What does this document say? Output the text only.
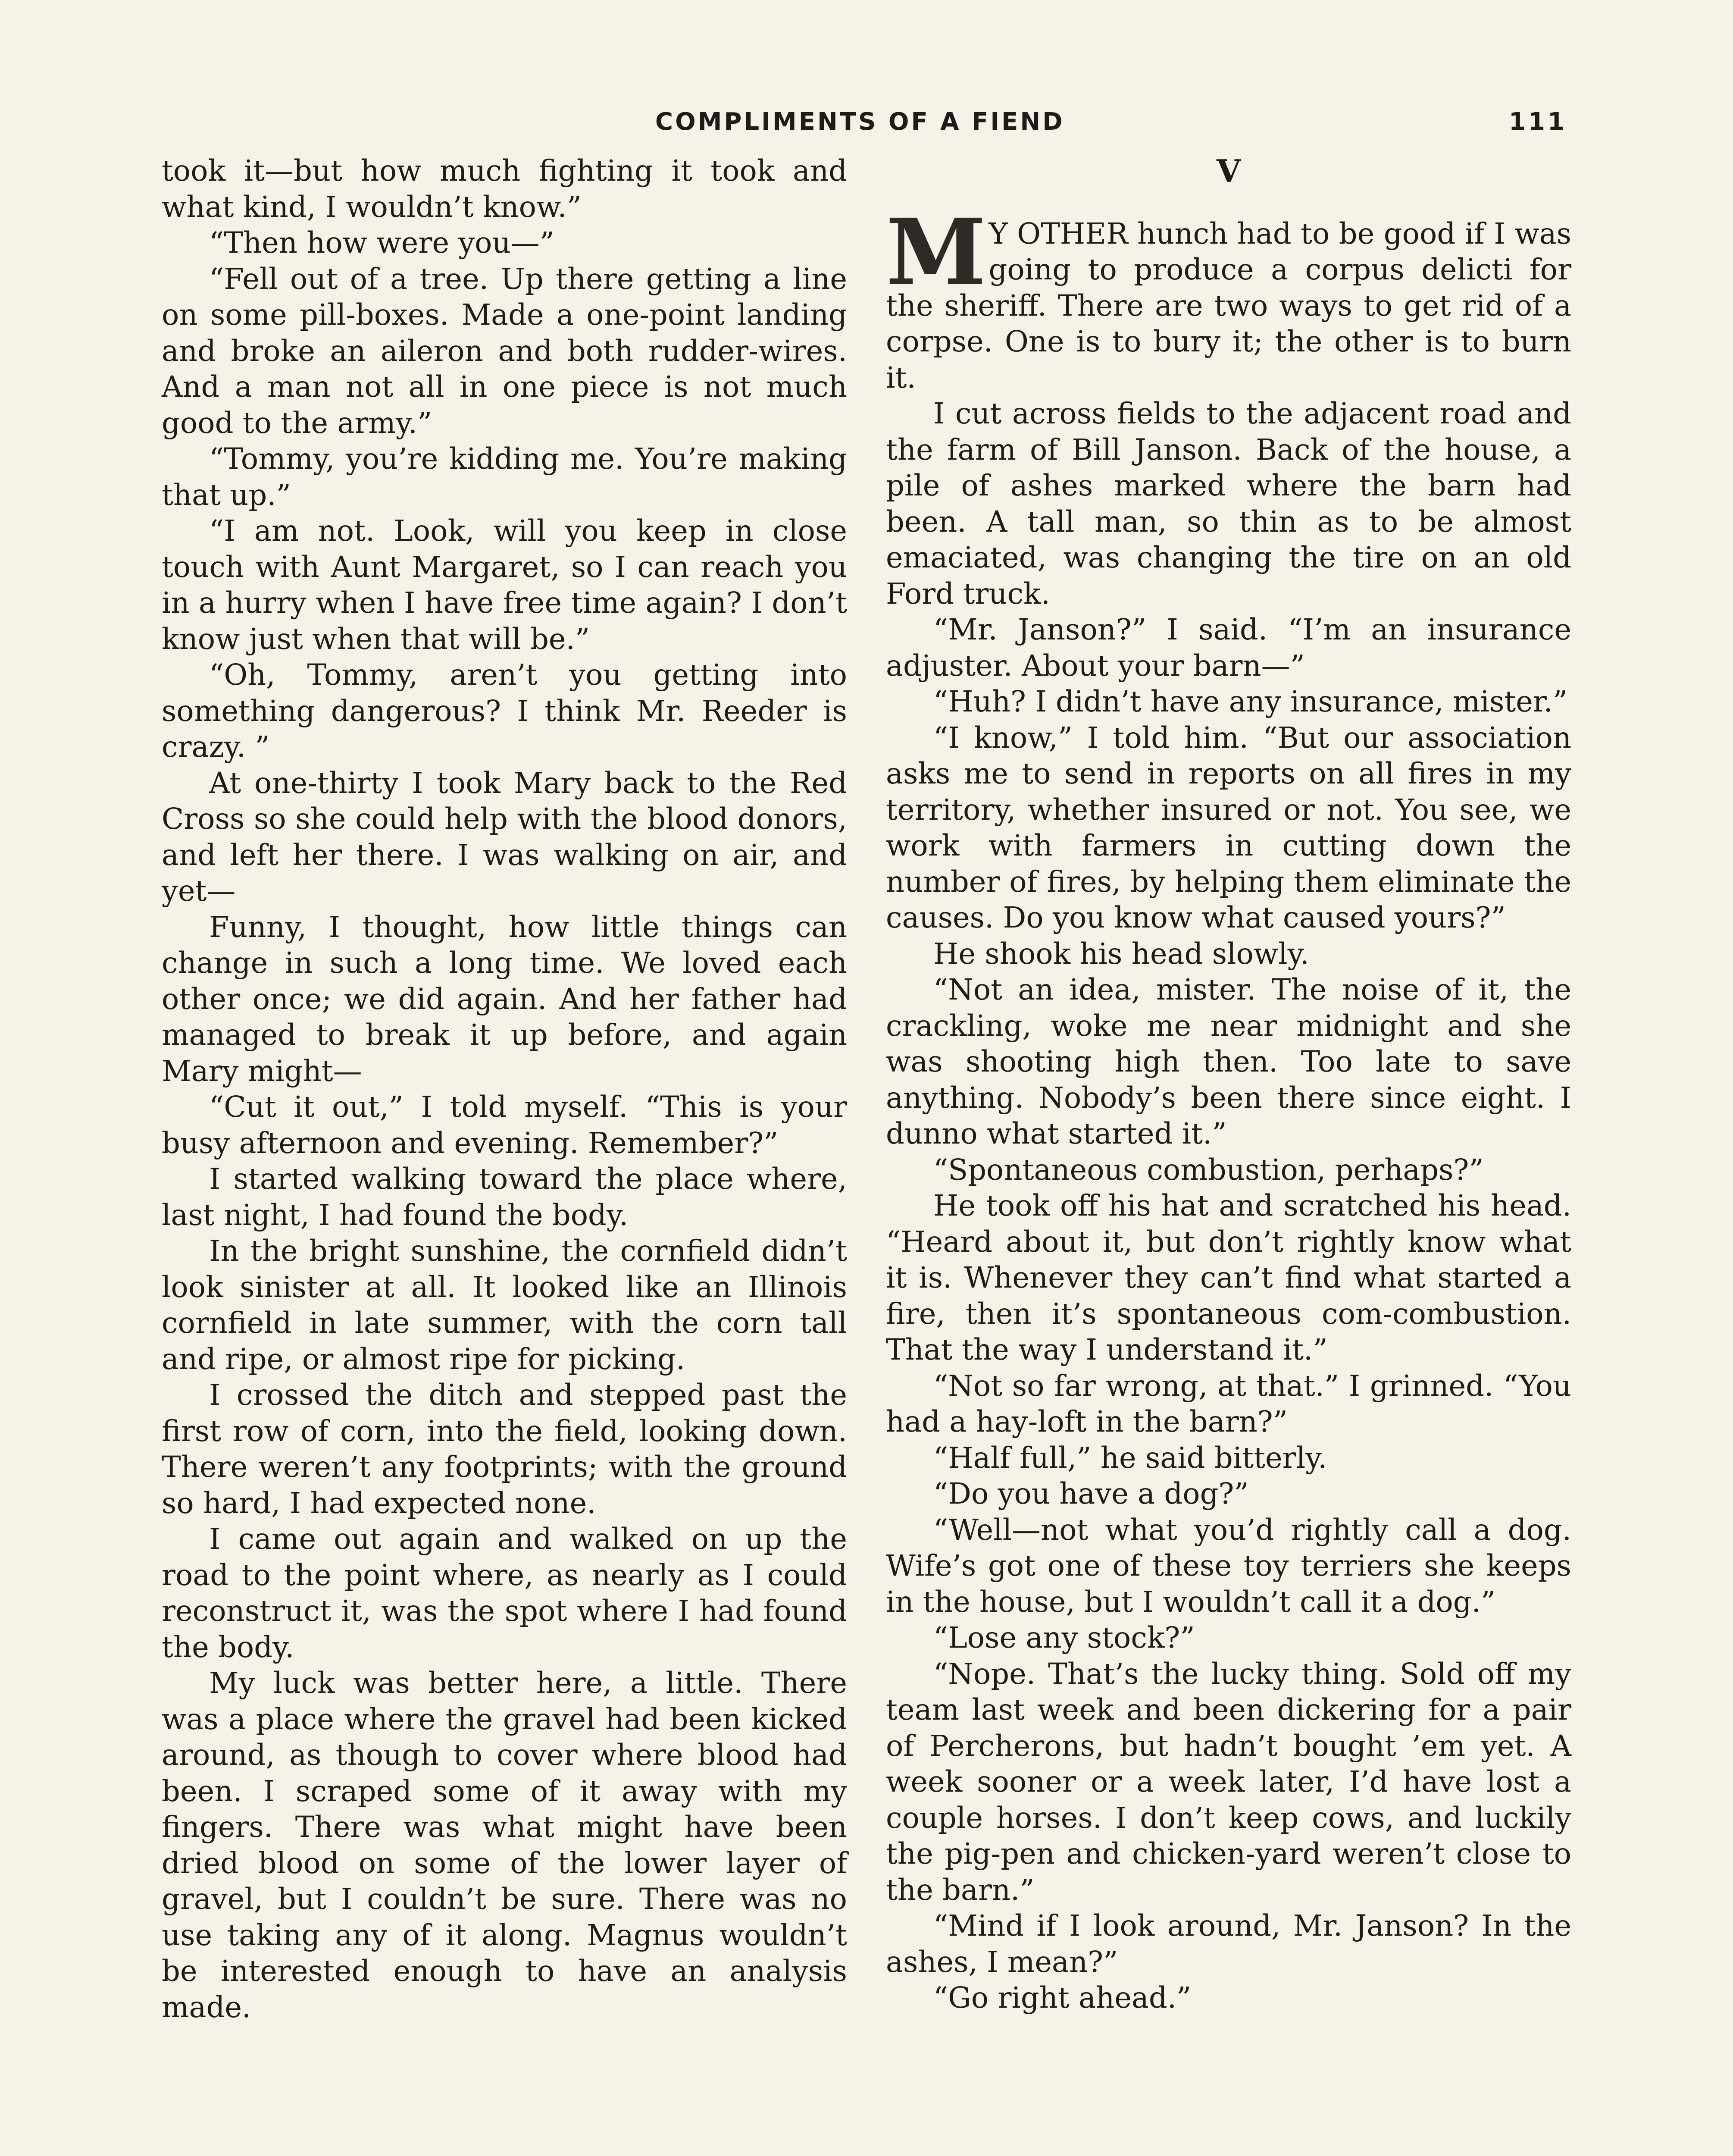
COMPLIMENTS OF A FIEND	111

took it—but how much fighting it took and what kind, I wouldn’t know.”

“Then how were you—”

“Fell out of a tree. Up there getting a line on some pill-boxes. Made a one-point landing and broke an aileron and both rudder-wires. And a man not all in one piece is not much good to the army.”

“Tommy, you’re kidding me. You’re making that up.”

“I am not. Look, will you keep in close touch with Aunt Margaret, so I can reach you in a hurry when I have free time again? I don’t know just when that will be.”

“Oh, Tommy, aren’t you getting into something dangerous? I think Mr. Reeder is crazy. ”

At one-thirty I took Mary back to the Red Cross so she could help with the blood donors, and left her there. I was walking on air, and yet—

Funny, I thought, how little things can change in such a long time. We loved each other once; we did again. And her father had managed to break it up before, and again Mary might—

“Cut it out,” I told myself. “This is your busy afternoon and evening. Remember?”

I started walking toward the place where, last night, I had found the body.

In the bright sunshine, the cornfield didn’t look sinister at all. It looked like an Illinois cornfield in late summer, with the corn tall and ripe, or almost ripe for picking.

I crossed the ditch and stepped past the first row of corn, into the field, looking down. There weren’t any footprints; with the ground so hard, I had expected none.

I came out again and walked on up the road to the point where, as nearly as I could reconstruct it, was the spot where I had found the body.

My luck was better here, a little. There was a place where the gravel had been kicked around, as though to cover where blood had been. I scraped some of it away with my fingers. There was what might have been dried blood on some of the lower layer of gravel, but I couldn’t be sure. There was no use taking any of it along. Magnus wouldn’t be interested enough to have an analysis made.

V

M Y OTHER hunch had to be good if I was going to produce a corpus delicti for the sheriff. There are two ways to get rid of a corpse. One is to bury it; the other is to burn it.

I cut across fields to the adjacent road and the farm of Bill Janson. Back of the house, a pile of ashes marked where the barn had been. A tall man, so thin as to be almost emaciated, was changing the tire on an old Ford truck.

“Mr. Janson?” I said. “I’m an insurance adjuster. About your barn—”

“Huh? I didn’t have any insurance, mister.”

“I know,” I told him. “But our association asks me to send in reports on all fires in my territory, whether insured or not. You see, we work with farmers in cutting down the number of fires, by helping them eliminate the causes. Do you know what caused yours?”

He shook his head slowly.

“Not an idea, mister. The noise of it, the crackling, woke me near midnight and she was shooting high then. Too late to save anything. Nobody’s been there since eight. I dunno what started it.”

“Spontaneous combustion, perhaps?”

He took off his hat and scratched his head. “Heard about it, but don’t rightly know what it is. Whenever they can’t find what started a fire, then it’s spontaneous com-combustion. That the way I understand it.”

“Not so far wrong, at that.” I grinned. “You had a hay-loft in the barn?”

“Half full,” he said bitterly.

“Do you have a dog?”

“Well—not what you’d rightly call a dog. Wife’s got one of these toy terriers she keeps in the house, but I wouldn’t call it a dog.”

“Lose any stock?”

“Nope. That’s the lucky thing. Sold off my team last week and been dickering for a pair of Percherons, but hadn’t bought ’em yet. A week sooner or a week later, I’d have lost a couple horses. I don’t keep cows, and luckily the pig-pen and chicken-yard weren’t close to the barn.”

“Mind if I look around, Mr. Janson? In the ashes, I mean?”

“Go right ahead.”
